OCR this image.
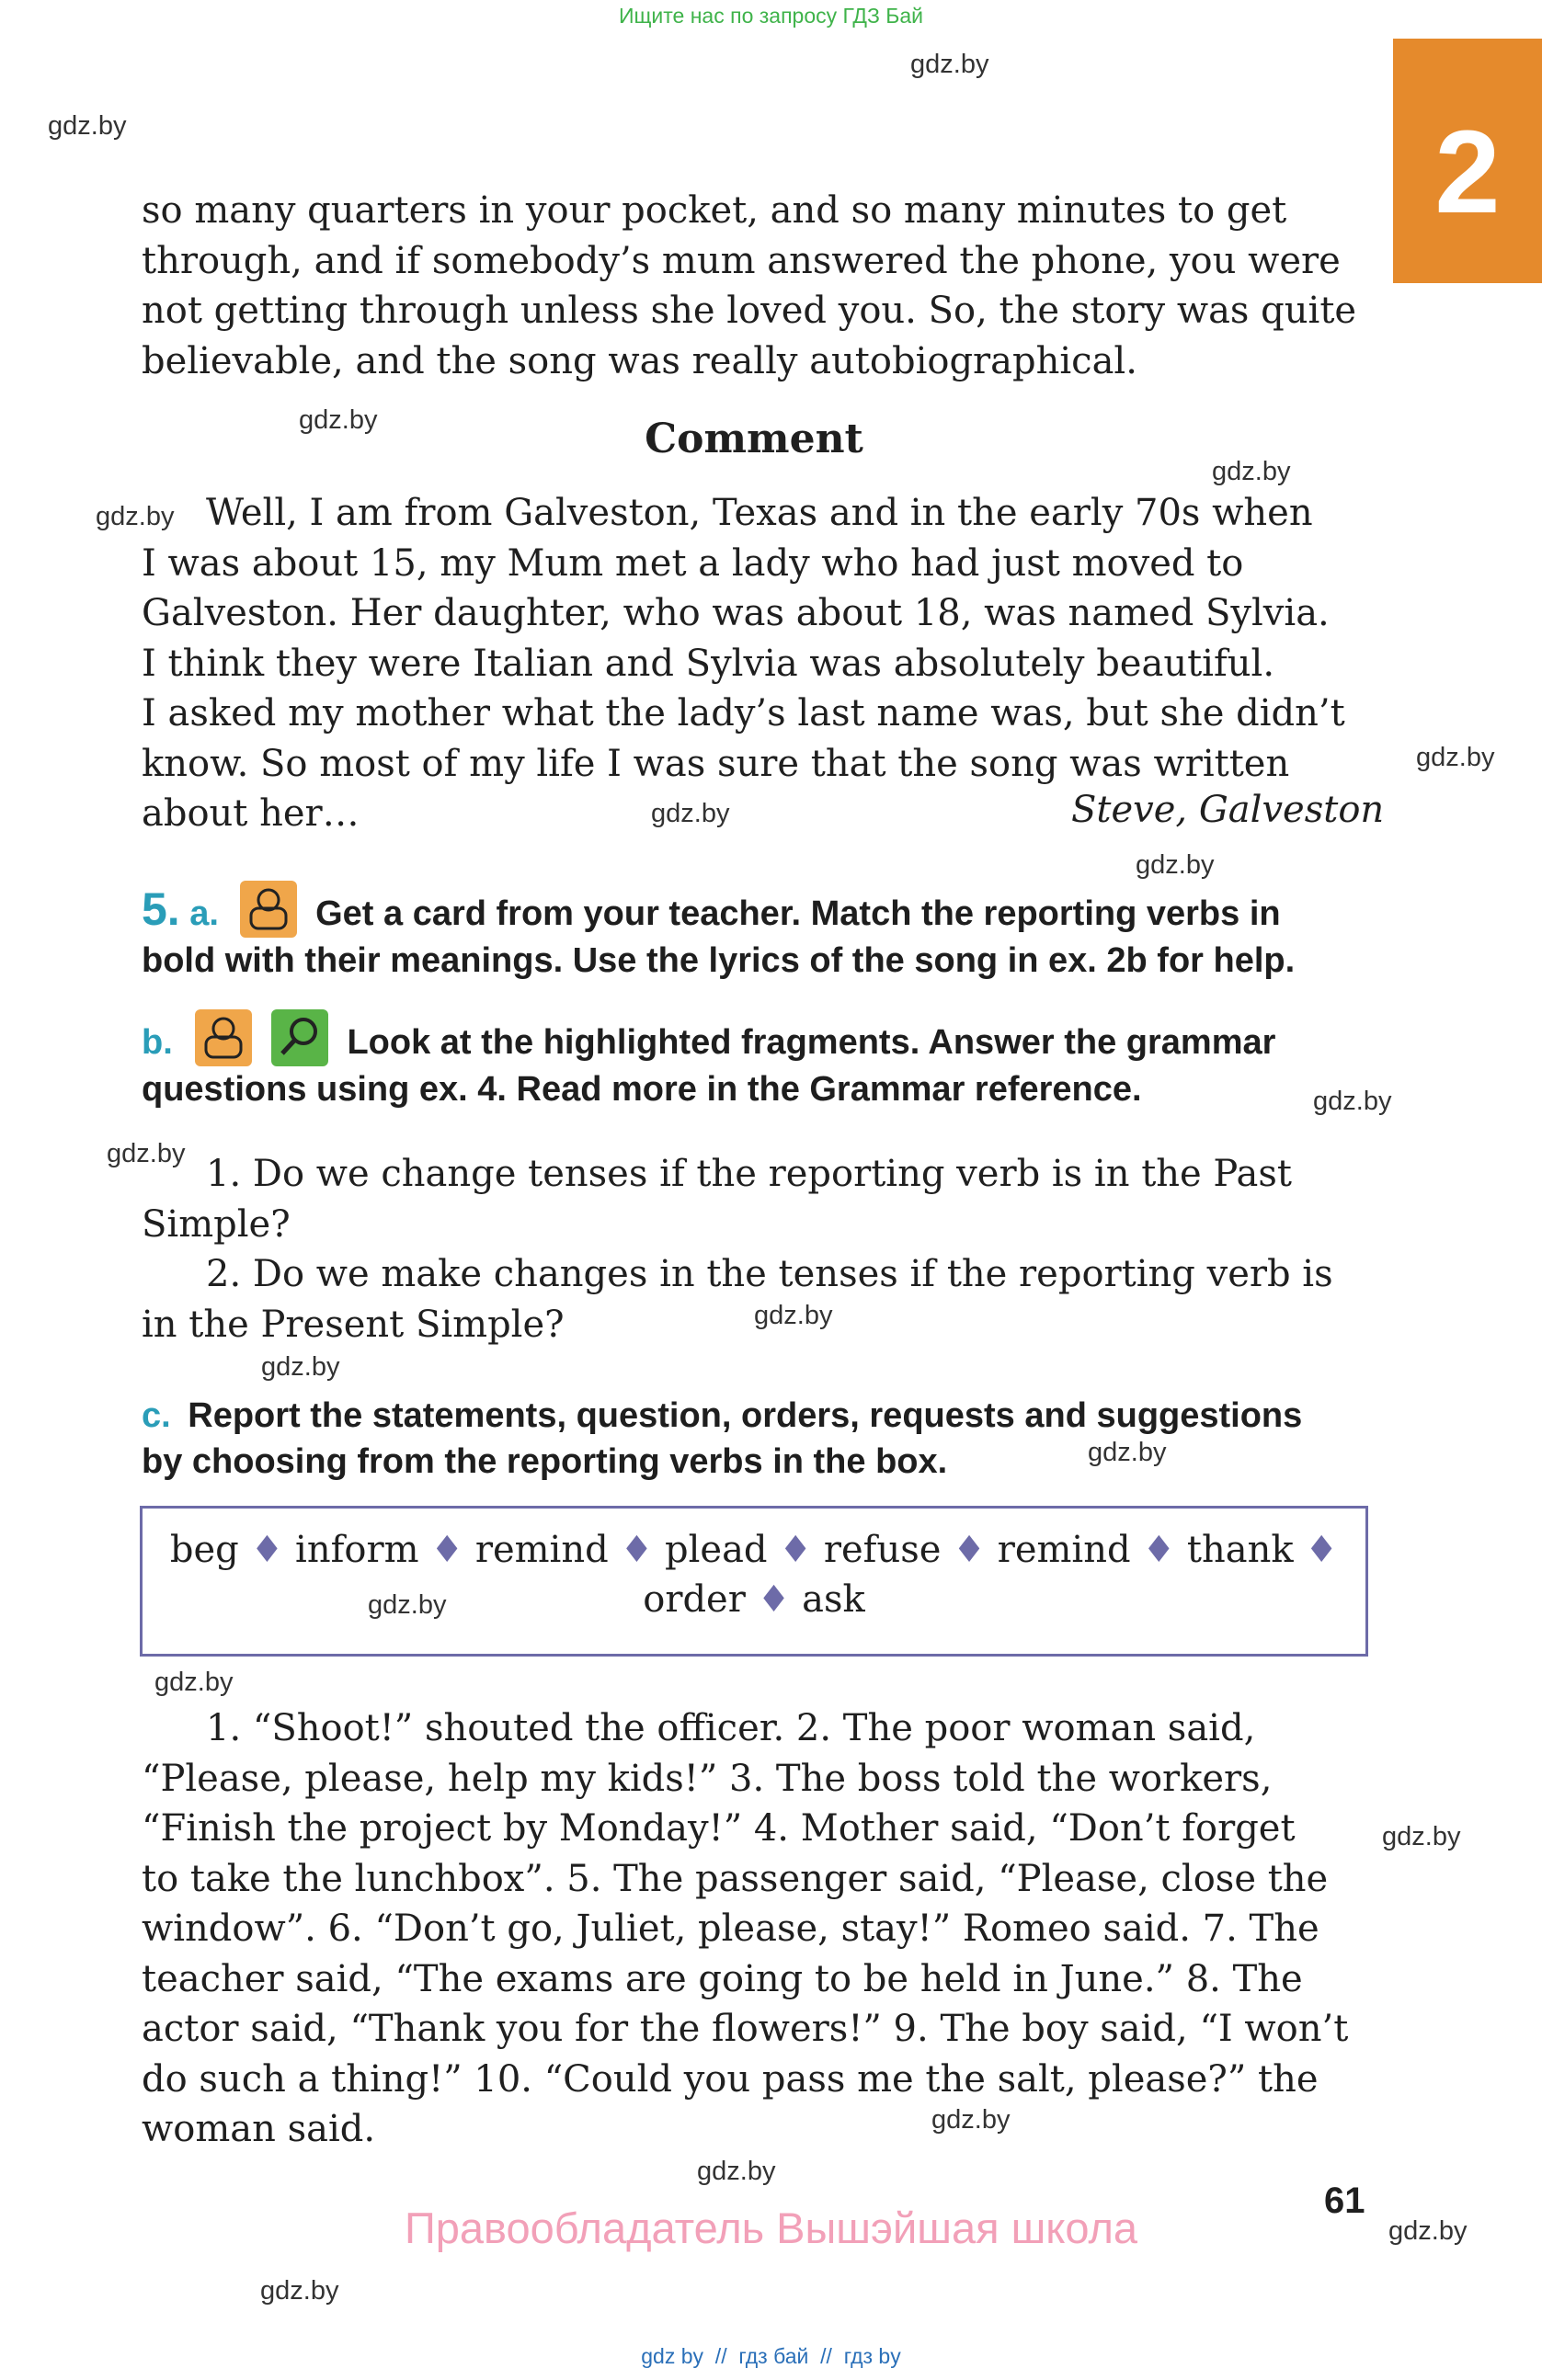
Ищите нас по запросу ГДЗ Бай
gdz.by
gdz.by	2
so many quarters in your pocket, and so many minutes to get
through, and if somebody’s mum answered the phone, you were
not getting through unless she loved you. So, the story was quite
believable, and the song was really autobiographical.
gdz.by	Comment
gdz.by
gdz.by Well, I am from Galveston, Texas and in the early 70s when
I was about 15, my Mum met a lady who had just moved to
Galveston. Her daughter, who was about 18, was named Sylvia.
I think they were Italian and Sylvia was absolutely beautiful.
I asked my mother what the lady’s last name was, but she didn’t
know. So most of my life I was sure that the song was written
about her…	Steve, Galveston
gdz.by
gdz.by
gdz.by
5. a.	Get a card from your teacher. Match the reporting verbs in
bold with their meanings. Use the lyrics of the song in ex. 2b for help.
b.	Look at the highlighted fragments. Answer the grammar
questions using ex. 4. Read more in the Grammar reference.	gdz.by
gdz.by 1. Do we change tenses if the reporting verb is in the Past
Simple?
2. Do we make changes in the tenses if the reporting verb is
in the Present Simple?	gdz.by
gdz.by
c. Report the statements, question, orders, requests and suggestions
by choosing from the reporting verbs in the box.	gdz.by
beg ♦ inform ♦ remind ♦ plead ♦ refuse ♦ remind ♦ thank ♦
order ♦ ask
gdz.by
gdz.by
1. “Shoot!” shouted the officer. 2. The poor woman said,
“Please, please, help my kids!” 3. The boss told the workers,
“Finish the project by Monday!” 4. Mother said, “Don’t forget
to take the lunchbox”. 5. The passenger said, “Please, close the
window”. 6. “Don’t go, Juliet, please, stay!” Romeo said. 7. The
teacher said, “The exams are going to be held in June.” 8. The
actor said, “Thank you for the flowers!” 9. The boy said, “I won’t
do such a thing!” 10. “Could you pass me the salt, please?” the
woman said.
gdz.by
gdz.by
gdz.by
61
gdz.by
Правообладатель Вышэйшая школа
gdz.by
gdz by  //  гдз бай  //  гдз by
